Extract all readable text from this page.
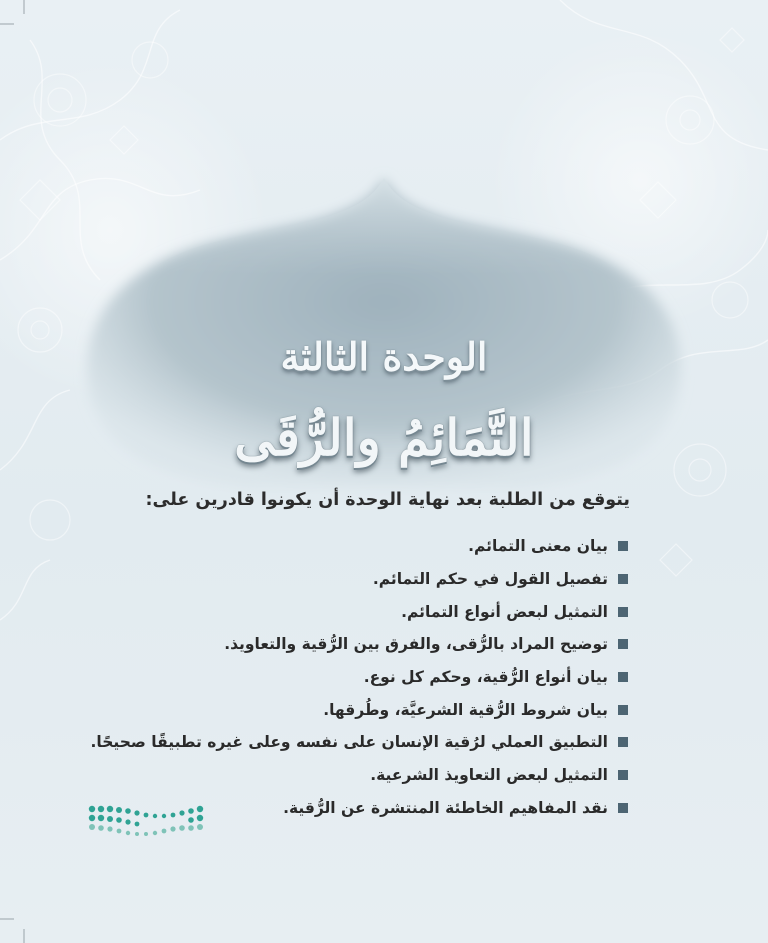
الوحدة الثالثة
التَّمَائِمُ والرُّقَى

يتوقع من الطلبة بعد نهاية الوحدة أن يكونوا قادرين على:

بيان معنى التمائم.
تفصيل القول في حكم التمائم.
التمثيل لبعض أنواع التمائم.
توضيح المراد بالرُّقى، والفرق بين الرُّقية والتعاويذ.
بيان أنواع الرُّقية، وحكم كل نوع.
بيان شروط الرُّقية الشرعيَّة، وطُرقها.
التطبيق العملي لرُقية الإنسان على نفسه وعلى غيره تطبيقًا صحيحًا.
التمثيل لبعض التعاويذ الشرعية.
نقد المفاهيم الخاطئة المنتشرة عن الرُّقية.
